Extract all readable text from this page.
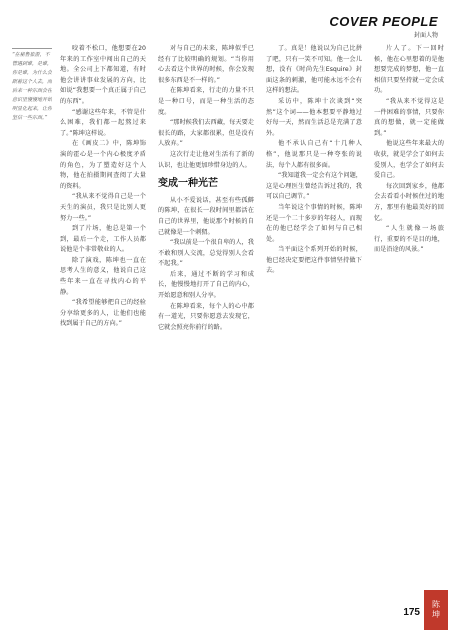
COVER PEOPLE
封面人物
“在秘鲁旅游，不管遇到谁，是谁，你是谁，为什么会跟着这个人去，而后来一种东西会在意识里慢慢地开始明显化起来，让你坚信一些东西。”

咬着不松口，他想要在20年来的工作室中闯出自己的天地。全公司上下都知道，有时他会讲讲事业发展的方向，比如说“我想要一个真正属于自己的东西”。

“感谢这些年来，不管是什么困难，我们都一起熬过来了。”陈坤这样说。

在《画皮二》中，陈坤饰演的霍心是一个内心极度矛盾的角色，为了塑造好这个人物，他在拍摄期间查阅了大量的资料。

“我从来不觉得自己是一个天生的演员，我只是比别人更努力一些。”

到了片场，他总是第一个到，最后一个走，工作人员都说他是个非常敬业的人。

除了演戏，陈坤也一直在思考人生的意义，他说自己这些年来一直在寻找内心的平静。

“我希望能够把自己的经验分享给更多的人，让他们也能找到属于自己的方向。”

对与自己的未来，陈坤似乎已经有了比较明确的规划。“当你用心去看这个世界的时候，你会发现很多东西是不一样的。”

在陈坤看来，行走的力量不只是一种口号，而是一种生活的态度。

“那时候我们去西藏，每天要走很长的路，大家都很累，但是没有人放弃。”

这次行走让他对生活有了新的认识，也让他更加珍惜身边的人。

变成一种光芒

从小不爱说话，甚至有些孤僻的陈坤，在很长一段时间里都活在自己的世界里，他说那个时候的自己就像是一个刺猬。

“我以前是一个很自卑的人，我不敢和别人交流，总觉得别人会看不起我。”

后来，通过不断的学习和成长，他慢慢地打开了自己的内心，开始愿意和别人分享。

在陈坤看来，每个人的心中都有一道光，只要你愿意去发现它，它就会照亮你前行的路。

了。真是！他说以为自己比拼了吧，只有一笑不可知。他一会儿想，没有《时尚先生Esquire》封面这条的刺激，他可能永远不会有这样的想法。

采访中，陈坤十次谈到“突然”这个词——他本想要平静地过好每一天，然而生活总是充满了意外。

他不承认自己有“十几种人格”，他说那只是一种夸张的说法，每个人都有很多面。

“我知道我一定会有这个问题，这是心理医生曾经告诉过我的，我可以自己调节。”

当年说这个事情的时候，陈坤还是一个二十多岁的年轻人，而现在的他已经学会了如何与自己相处。

当平面这个系列开始的时候，他已经决定要把这件事情坚持做下去。

片人了。下一回时候，他在心里想着的是他想要完成的梦想，他一直相信只要坚持就一定会成功。

“我从来不觉得这是一件困难的事情，只要你真的想做，就一定能做到。”

他说这些年来最大的收获，就是学会了如何去爱别人，也学会了如何去爱自己。

每次回到家乡，他都会去看看小时候住过的地方，那里有他最美好的回忆。

“人生就像一场旅行，重要的不是目的地，而是沿途的风景。”

175
陈
坤
